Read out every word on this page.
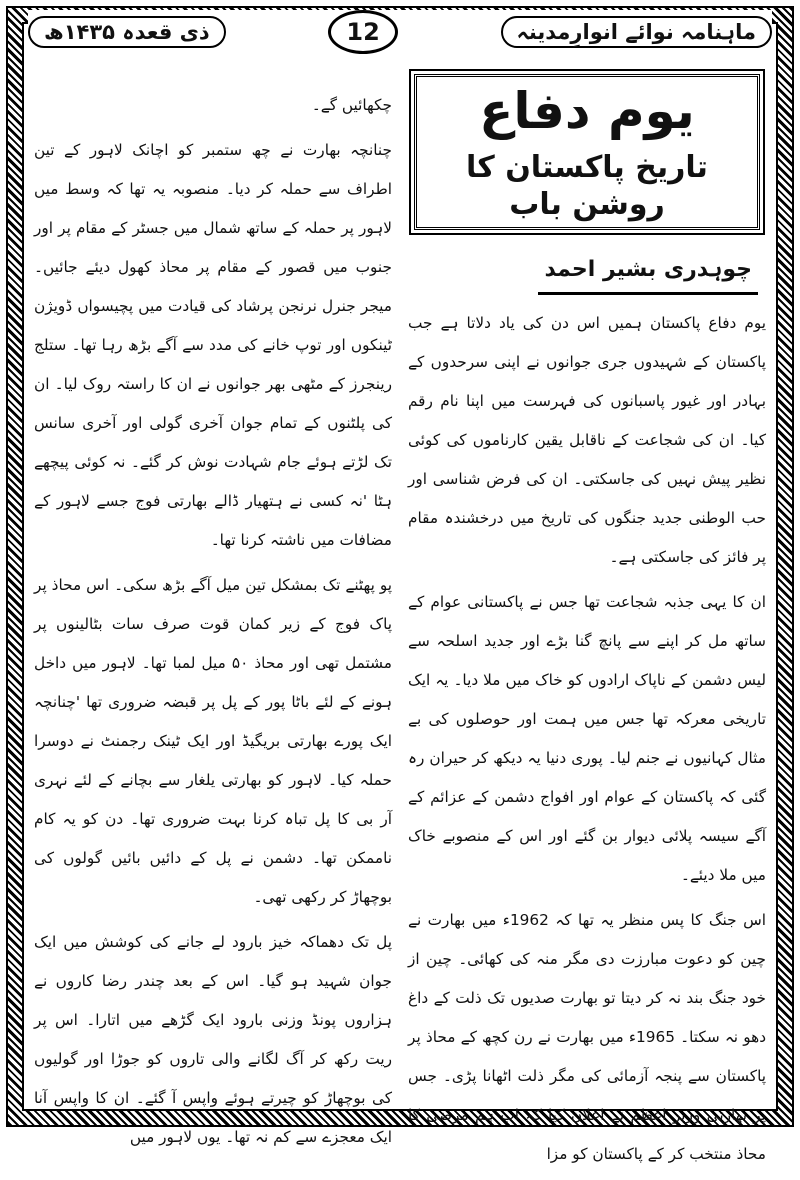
ذی قعدہ ۱۴۳۵ھ	12	ماہنامہ نوائے انوارِمدینہ
یوم دفاع
تاریخ پاکستان کا روشن باب
چوہدری بشیر احمد

یوم دفاع پاکستان ہمیں اس دن کی یاد دلاتا ہے جب پاکستان کے شہیدوں جری جوانوں نے اپنی سرحدوں کے بہادر اور غیور پاسبانوں کی فہرست میں اپنا نام رقم کیا۔ ان کی شجاعت کے ناقابل یقین کارناموں کی کوئی نظیر پیش نہیں کی جاسکتی۔ ان کی فرض شناسی اور حب الوطنی جدید جنگوں کی تاریخ میں درخشندہ مقام پر فائز کی جاسکتی ہے۔

ان کا یہی جذبہ شجاعت تھا جس نے پاکستانی عوام کے ساتھ مل کر اپنے سے پانچ گنا بڑے اور جدید اسلحہ سے لیس دشمن کے ناپاک ارادوں کو خاک میں ملا دیا۔ یہ ایک تاریخی معرکہ تھا جس میں ہمت اور حوصلوں کی بے مثال کہانیوں نے جنم لیا۔ پوری دنیا یہ دیکھ کر حیران رہ گئی کہ پاکستان کے عوام اور افواج دشمن کے عزائم کے آگے سیسہ پلائی دیوار بن گئے اور اس کے منصوبے خاک میں ملا دیئے۔

اس جنگ کا پس منظر یہ تھا کہ 1962ء میں بھارت نے چین کو دعوت مبارزت دی مگر منہ کی کھائی۔ چین از خود جنگ بند نہ کر دیتا تو بھارت صدیوں تک ذلت کے داغ دھو نہ سکتا۔ 1965ء میں بھارت نے رن کچھ کے محاذ پر پاکستان سے پنجہ آزمائی کی مگر ذلت اٹھانا پڑی۔ جس پر بھارتی وزیر اعظم نے اعلان کیا کہ اب ہم مرضی کا محاذ منتخب کر کے پاکستان کو مزا

چکھائیں گے۔

چنانچہ بھارت نے چھ ستمبر کو اچانک لاہور کے تین اطراف سے حملہ کر دیا۔ منصوبہ یہ تھا کہ وسط میں لاہور پر حملہ کے ساتھ شمال میں جسٹر کے مقام پر اور جنوب میں قصور کے مقام پر محاذ کھول دیئے جائیں۔ میجر جنرل نرنجن پرشاد کی قیادت میں پچیسواں ڈویژن ٹینکوں اور توپ خانے کی مدد سے آگے بڑھ رہا تھا۔ ستلج رینجرز کے مٹھی بھر جوانوں نے ان کا راستہ روک لیا۔ ان کی پلٹنوں کے تمام جوان آخری گولی اور آخری سانس تک لڑتے ہوئے جام شہادت نوش کر گئے۔ نہ کوئی پیچھے ہٹا 'نہ کسی نے ہتھیار ڈالے بھارتی فوج جسے لاہور کے مضافات میں ناشتہ کرنا تھا۔

پو پھٹنے تک بمشکل تین میل آگے بڑھ سکی۔ اس محاذ پر پاک فوج کے زیر کمان قوت صرف سات بٹالینوں پر مشتمل تھی اور محاذ ۵۰ میل لمبا تھا۔ لاہور میں داخل ہونے کے لئے باٹا پور کے پل پر قبضہ ضروری تھا 'چنانچہ ایک پورے بھارتی بریگیڈ اور ایک ٹینک رجمنٹ نے دوسرا حملہ کیا۔ لاہور کو بھارتی یلغار سے بچانے کے لئے نہری آر بی کا پل تباہ کرنا بہت ضروری تھا۔ دن کو یہ کام ناممکن تھا۔ دشمن نے پل کے دائیں بائیں گولوں کی بوچھاڑ کر رکھی تھی۔

پل تک دھماکہ خیز بارود لے جانے کی کوشش میں ایک جوان شہید ہو گیا۔ اس کے بعد چندر رضا کاروں نے ہزاروں پونڈ وزنی بارود ایک گڑھے میں اتارا۔ اس پر ریت رکھ کر آگ لگانے والی تاروں کو جوڑا اور گولیوں کی بوچھاڑ کو چیرتے ہوئے واپس آ گئے۔ ان کا واپس آنا ایک معجزے سے کم نہ تھا۔ یوں لاہور میں
